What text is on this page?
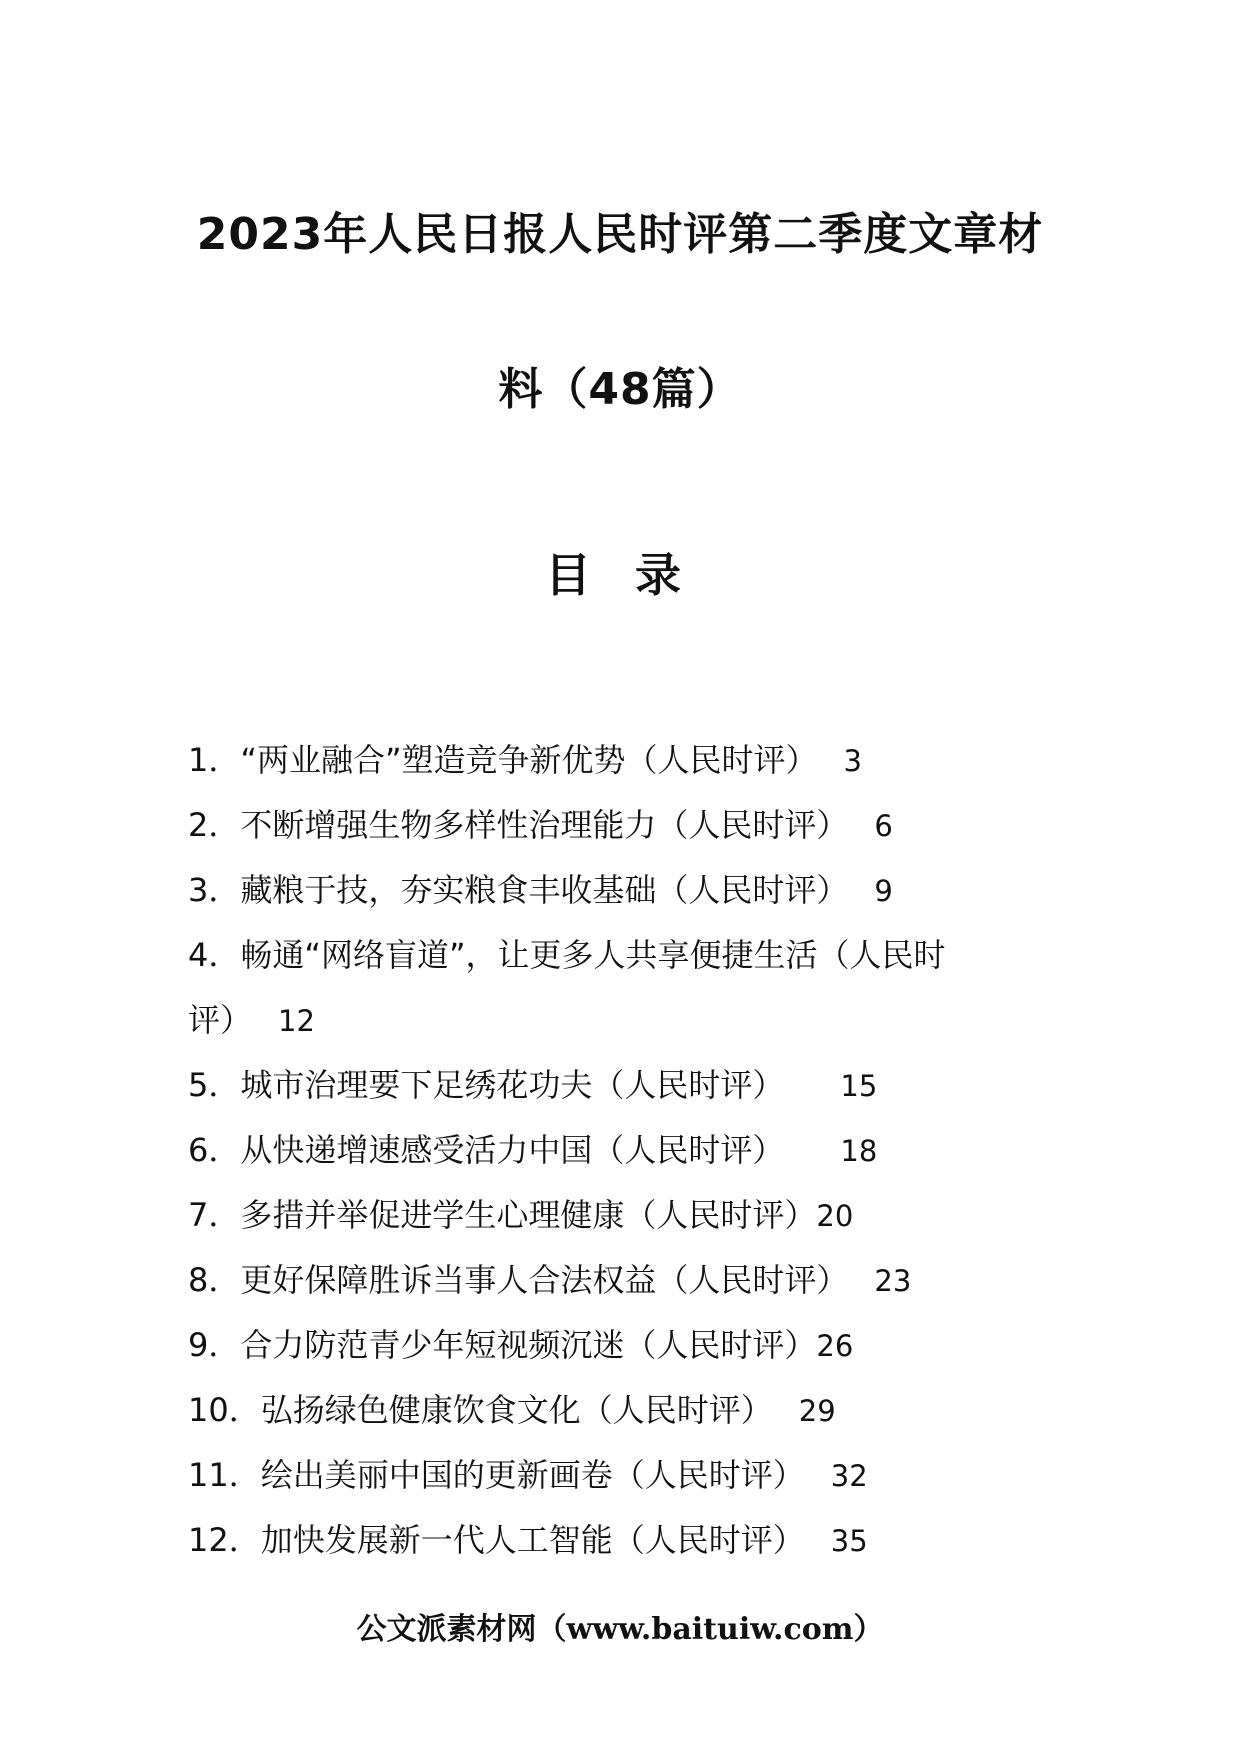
2023年人民日报人民时评第二季度文章材
料（48篇）
目 录
1．“两业融合”塑造竞争新优势（人民时评） 3
2．不断增强生物多样性治理能力（人民时评） 6
3．藏粮于技，夯实粮食丰收基础（人民时评） 9
4．畅通“网络盲道”，让更多人共享便捷生活（人民时
评） 12
5．城市治理要下足绣花功夫（人民时评） 15
6．从快递增速感受活力中国（人民时评） 18
7．多措并举促进学生心理健康（人民时评）20
8．更好保障胜诉当事人合法权益（人民时评） 23
9．合力防范青少年短视频沉迷（人民时评）26
10．弘扬绿色健康饮食文化（人民时评） 29
11．绘出美丽中国的更新画卷（人民时评） 32
12．加快发展新一代人工智能（人民时评） 35
公文派素材网（www.baituiw.com）
